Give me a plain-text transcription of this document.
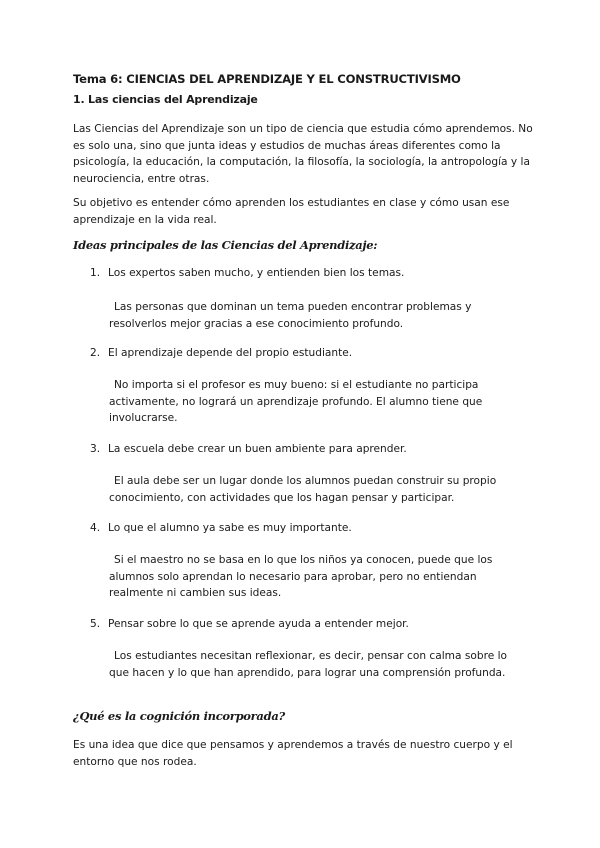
Tema 6: CIENCIAS DEL APRENDIZAJE Y EL CONSTRUCTIVISMO
1. Las ciencias del Aprendizaje

Las Ciencias del Aprendizaje son un tipo de ciencia que estudia cómo aprendemos. No es solo una, sino que junta ideas y estudios de muchas áreas diferentes como la psicología, la educación, la computación, la filosofía, la sociología, la antropología y la neurociencia, entre otras.

Su objetivo es entender cómo aprenden los estudiantes en clase y cómo usan ese aprendizaje en la vida real.

Ideas principales de las Ciencias del Aprendizaje:
1. Los expertos saben mucho, y entienden bien los temas.

Las personas que dominan un tema pueden encontrar problemas y resolverlos mejor gracias a ese conocimiento profundo.

2. El aprendizaje depende del propio estudiante.

No importa si el profesor es muy bueno: si el estudiante no participa activamente, no logrará un aprendizaje profundo. El alumno tiene que involucrarse.

3. La escuela debe crear un buen ambiente para aprender.

El aula debe ser un lugar donde los alumnos puedan construir su propio conocimiento, con actividades que los hagan pensar y participar.

4. Lo que el alumno ya sabe es muy importante.

Si el maestro no se basa en lo que los niños ya conocen, puede que los alumnos solo aprendan lo necesario para aprobar, pero no entiendan realmente ni cambien sus ideas.

5. Pensar sobre lo que se aprende ayuda a entender mejor.

Los estudiantes necesitan reflexionar, es decir, pensar con calma sobre lo que hacen y lo que han aprendido, para lograr una comprensión profunda.

¿Qué es la cognición incorporada?

Es una idea que dice que pensamos y aprendemos a través de nuestro cuerpo y el entorno que nos rodea.
